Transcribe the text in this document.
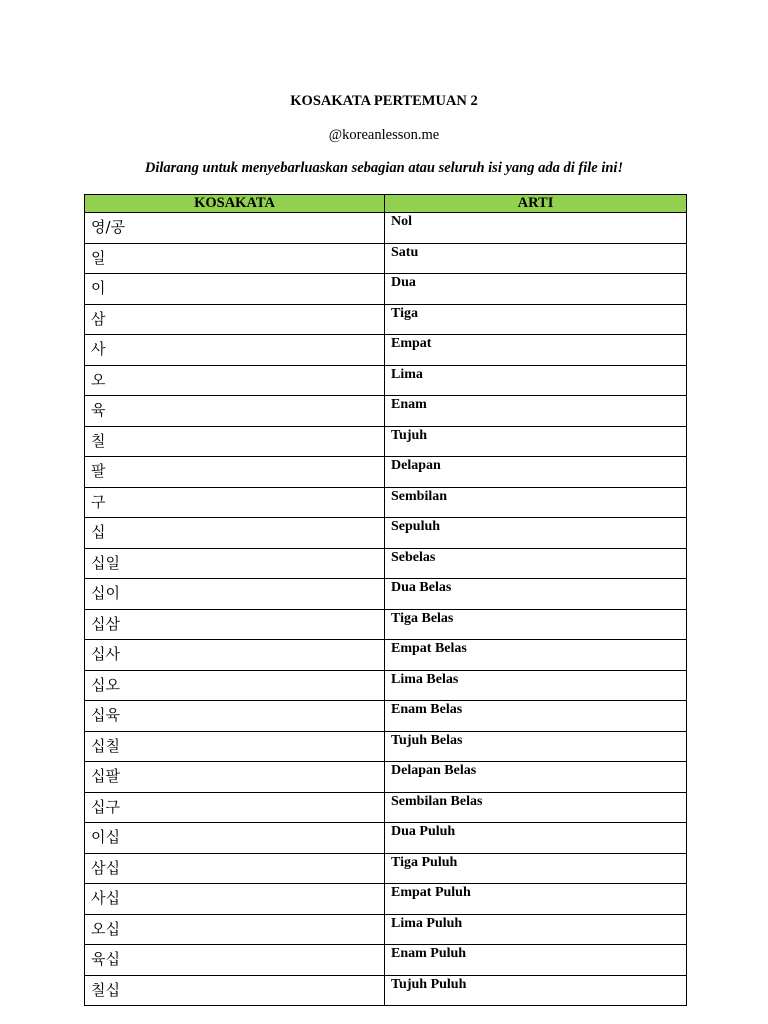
KOSAKATA PERTEMUAN 2
@koreanlesson.me
Dilarang untuk menyebarluaskan sebagian atau seluruh isi yang ada di file ini!
KOSAKATA	ARTI
영/공	Nol
일	Satu
이	Dua
삼	Tiga
사	Empat
오	Lima
육	Enam
칠	Tujuh
팔	Delapan
구	Sembilan
십	Sepuluh
십일	Sebelas
십이	Dua Belas
십삼	Tiga Belas
십사	Empat Belas
십오	Lima Belas
십육	Enam Belas
십칠	Tujuh Belas
십팔	Delapan Belas
십구	Sembilan Belas
이십	Dua Puluh
삼십	Tiga Puluh
사십	Empat Puluh
오십	Lima Puluh
육십	Enam Puluh
칠십	Tujuh Puluh
